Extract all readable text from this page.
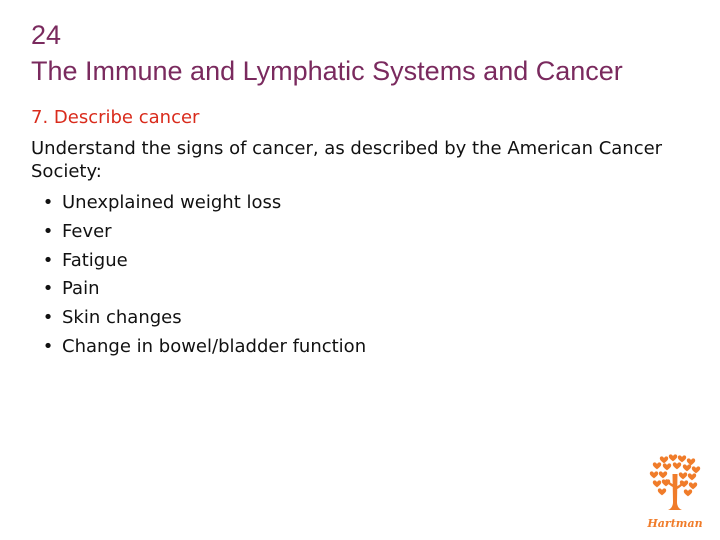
24
The Immune and Lymphatic Systems and Cancer
7. Describe cancer
Understand the signs of cancer, as described by the American Cancer Society:
• Unexplained weight loss
• Fever
• Fatigue
• Pain
• Skin changes
• Change in bowel/bladder function
Hartman
